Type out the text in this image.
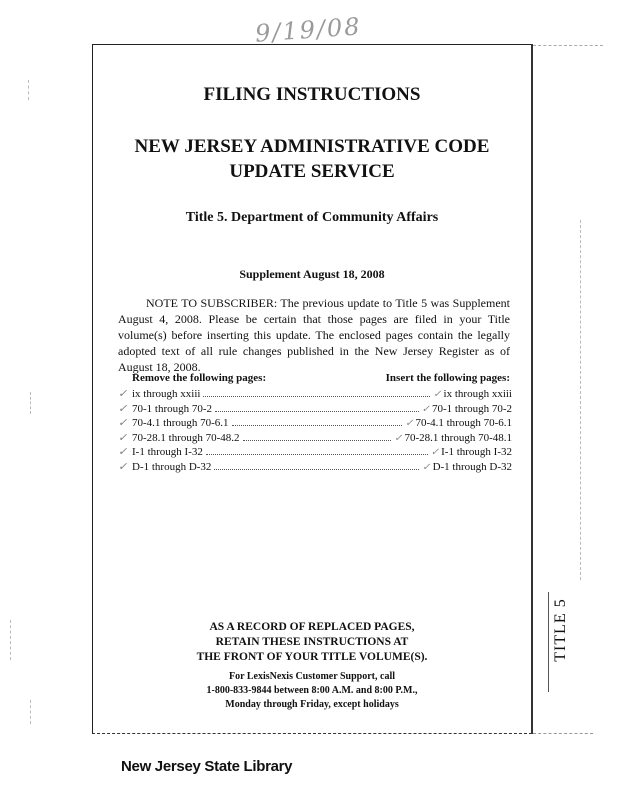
9/19/08
FILING INSTRUCTIONS
NEW JERSEY ADMINISTRATIVE CODE
UPDATE SERVICE
Title 5. Department of Community Affairs
Supplement August 18, 2008
NOTE TO SUBSCRIBER: The previous update to Title 5 was Supplement August 4, 2008. Please be certain that those pages are filed in your Title volume(s) before inserting this update. The enclosed pages contain the legally adopted text of all rule changes published in the New Jersey Register as of August 18, 2008.
Remove the following pages:	Insert the following pages:
✓ ix through xxiii	✓ ix through xxiii
✓ 70-1 through 70-2	✓ 70-1 through 70-2
✓ 70-4.1 through 70-6.1	✓ 70-4.1 through 70-6.1
✓ 70-28.1 through 70-48.2	✓ 70-28.1 through 70-48.1
✓ I-1 through I-32	✓ I-1 through I-32
✓ D-1 through D-32	✓ D-1 through D-32
AS A RECORD OF REPLACED PAGES,
RETAIN THESE INSTRUCTIONS AT
THE FRONT OF YOUR TITLE VOLUME(S).
For LexisNexis Customer Support, call
1-800-833-9844 between 8:00 A.M. and 8:00 P.M.,
Monday through Friday, except holidays
TITLE 5
New Jersey State Library
